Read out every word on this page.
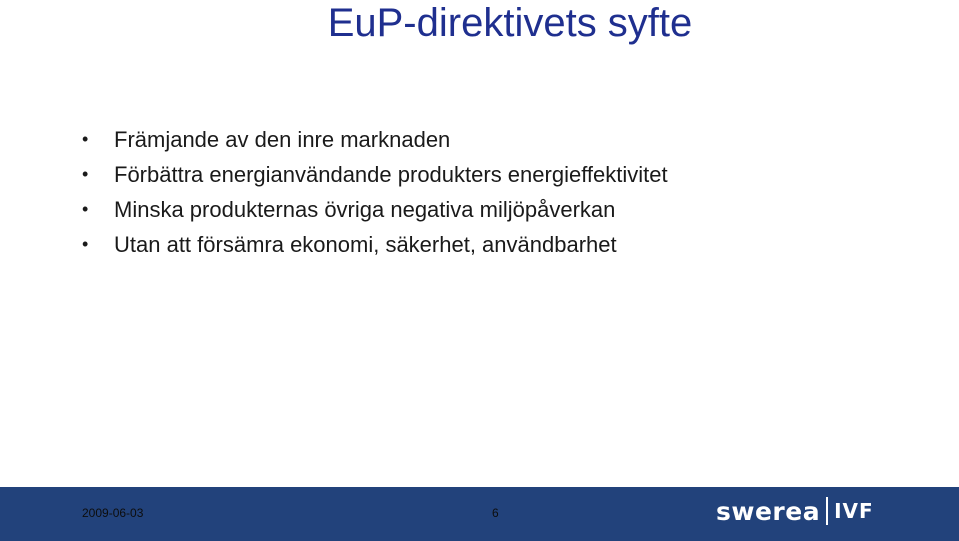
EuP-direktivets syfte
•	Främjande av den inre marknaden
•	Förbättra energianvändande produkters energieffektivitet
•	Minska produkternas övriga negativa miljöpåverkan
•	Utan att försämra ekonomi, säkerhet, användbarhet
2009-06-03	6	swerea IVF
